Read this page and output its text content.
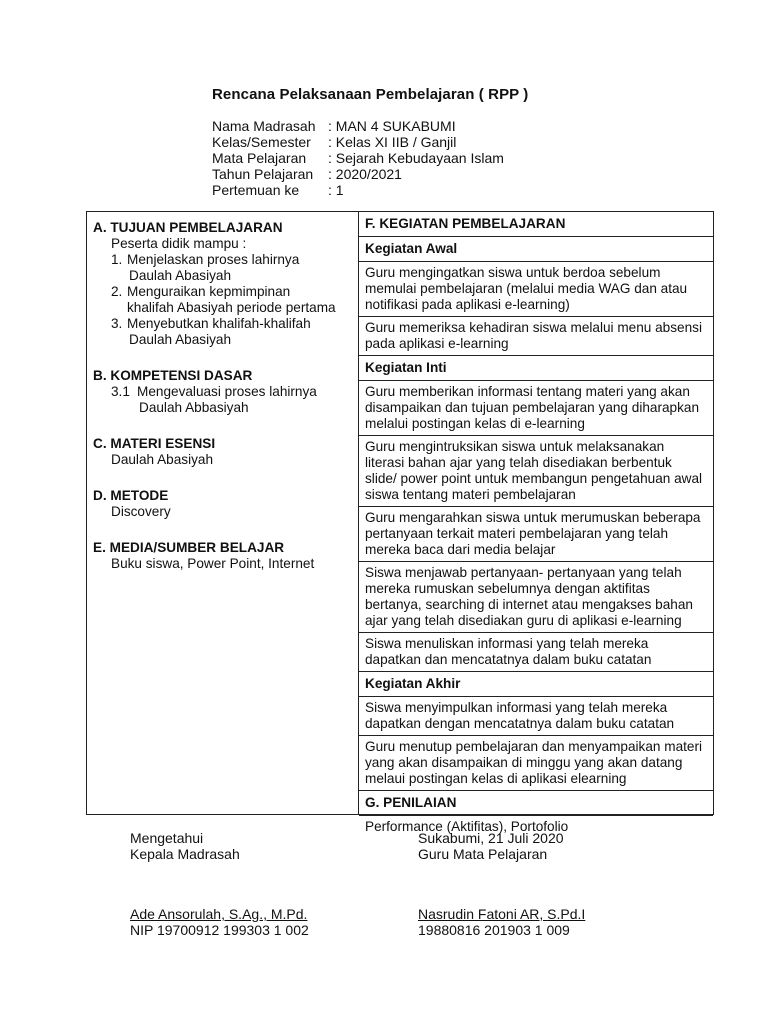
Rencana Pelaksanaan Pembelajaran ( RPP )
Nama Madrasah : MAN 4 SUKABUMI
Kelas/Semester	: Kelas XI IIB / Ganjil
Mata Pelajaran	: Sejarah Kebudayaan Islam
Tahun Pelajaran	: 2020/2021
Pertemuan ke	: 1
A. TUJUAN PEMBELAJARAN
Peserta didik mampu :
1. Menjelaskan proses lahirnya
Daulah Abasiyah
2. Menguraikan kepmimpinan
khalifah Abasiyah periode pertama
3. Menyebutkan khalifah-khalifah
Daulah Abasiyah
B. KOMPETENSI DASAR
3.1 Mengevaluasi proses lahirnya
Daulah Abbasiyah
C. MATERI ESENSI
Daulah Abasiyah
D. METODE
Discovery
E. MEDIA/SUMBER BELAJAR
Buku siswa, Power Point, Internet
F. KEGIATAN PEMBELAJARAN
Kegiatan Awal
Guru mengingatkan siswa untuk berdoa sebelum memulai pembelajaran (melalui media WAG dan atau notifikasi pada aplikasi e-learning)
Guru memeriksa kehadiran siswa melalui menu absensi pada aplikasi e-learning
Kegiatan Inti
Guru memberikan informasi tentang materi yang akan disampaikan dan tujuan pembelajaran yang diharapkan melalui postingan kelas di e-learning
Guru mengintruksikan siswa untuk melaksanakan literasi bahan ajar yang telah disediakan berbentuk slide/ power point untuk membangun pengetahuan awal siswa tentang materi pembelajaran
Guru mengarahkan siswa untuk merumuskan beberapa pertanyaan terkait materi pembelajaran yang telah mereka baca dari media belajar
Siswa menjawab pertanyaan- pertanyaan yang telah mereka rumuskan sebelumnya dengan aktifitas bertanya, searching di internet atau mengakses bahan ajar yang telah disediakan guru di aplikasi e-learning
Siswa menuliskan informasi yang telah mereka dapatkan dan mencatatnya dalam buku catatan
Kegiatan Akhir
Siswa menyimpulkan informasi yang telah mereka dapatkan dengan mencatatnya dalam buku catatan
Guru menutup pembelajaran dan menyampaikan materi yang akan disampaikan di minggu yang akan datang melaui postingan kelas di aplikasi elearning
G. PENILAIAN
Performance (Aktifitas), Portofolio
Mengetahui
Kepala Madrasah
Sukabumi, 21 Juli 2020
Guru Mata Pelajaran
Ade Ansorulah, S.Ag., M.Pd.
NIP 19700912 199303 1 002
Nasrudin Fatoni AR, S.Pd.I
19880816 201903 1 009
